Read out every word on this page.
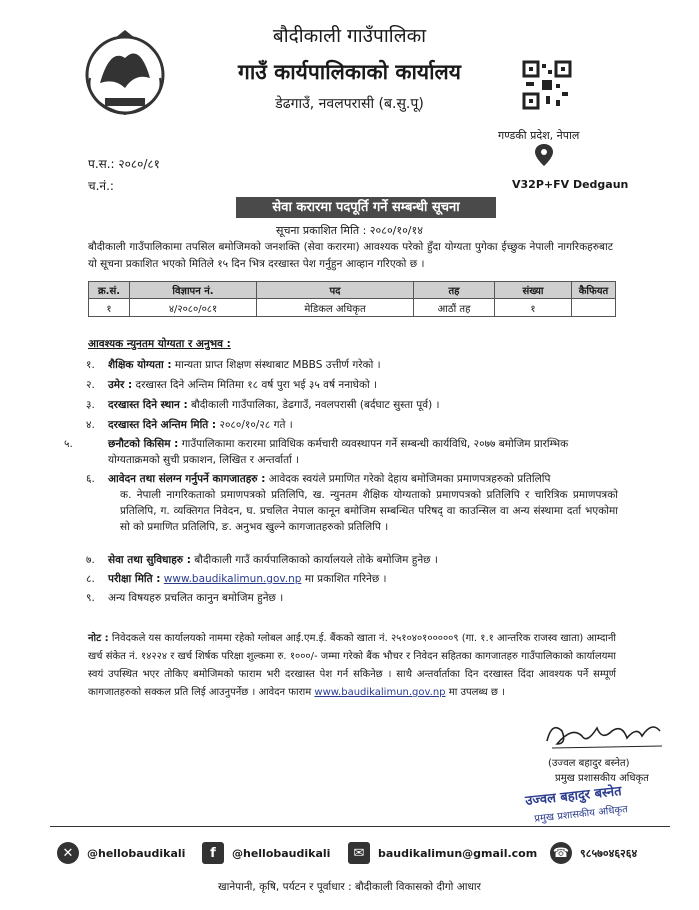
बौदीकाली गाउँपालिका
गाउँ कार्यपालिकाको कार्यालय
डेढगाउँ, नवलपरासी (ब.सु.पू)
गण्डकी प्रदेश, नेपाल
V32P+FV Dedgaun
प.स.: २०८०/८१
च.नं.:
सेवा करारमा पदपूर्ति गर्ने सम्बन्धी सूचना
सूचना प्रकाशित मिति : २०८०/१०/१४
बौदीकाली गाउँपालिकामा तपसिल बमोजिमको जनशक्ति (सेवा करारमा) आवश्यक परेको हुँदा योग्यता पुगेका ईच्छुक नेपाली नागरिकहरुबाट यो सूचना प्रकाशित भएको मितिले १५ दिन भित्र दरखास्त पेश गर्नुहुन आव्हान गरिएको छ ।
क्र.सं.	विज्ञापन नं.	पद	तह	संख्या	कैफियत
१	४/२०८०/०८१	मेडिकल अधिकृत	आठौं तह	१	
आवश्यक न्युनतम योग्यता र अनुभव :
१. शैक्षिक योग्यता : मान्यता प्राप्त शिक्षण संस्थाबाट MBBS उत्तीर्ण गरेको ।
२. उमेर : दरखास्त दिने अन्तिम मितिमा १८ वर्ष पुरा भई ३५ वर्ष ननाघेको ।
३. दरखास्त दिने स्थान : बौदीकाली गाउँपालिका, डेढगाउँ, नवलपरासी (बर्दघाट सुस्ता पूर्व) ।
४. दरखास्त दिने अन्तिम मिति : २०८०/१०/२८ गते ।
५.	छनौटको किसिम : गाउँपालिकामा करारमा प्राविधिक कर्मचारी व्यवस्थापन गर्ने सम्बन्धी कार्यविधि, २०७७ बमोजिम प्रारम्भिक योग्यताक्रमको सुची प्रकाशन, लिखित र अन्तर्वार्ता ।
६. आवेदन तथा संलग्न गर्नुपर्ने कागजातहरु : आवेदक स्वयंले प्रमाणित गरेको देहाय बमोजिमका प्रमाणपत्रहरुको प्रतिलिपि
क. नेपाली नागरिकताको प्रमाणपत्रको प्रतिलिपि, ख. न्युनतम शैक्षिक योग्यताको प्रमाणपत्रको प्रतिलिपि र चारित्रिक प्रमाणपत्रको प्रतिलिपि, ग. व्यक्तिगत निवेदन, घ. प्रचलित नेपाल कानून बमोजिम सम्बन्धित परिषद् वा काउन्सिल वा अन्य संस्थामा दर्ता भएकोमा सो को प्रमाणित प्रतिलिपि, ङ. अनुभव खुल्ने कागजातहरुको प्रतिलिपि ।
७. सेवा तथा सुविधाहरु : बौदीकाली गाउँ कार्यपालिकाको कार्यालयले तोके बमोजिम हुनेछ ।
८. परीक्षा मिति : www.baudikalimun.gov.np मा प्रकाशित गरिनेछ ।
९. अन्य विषयहरु प्रचलित कानुन बमोजिम हुनेछ ।
नोट : निवेदकले यस कार्यालयको नाममा रहेको ग्लोबल आई.एम.ई. बैंकको खाता नं. २५१०४०१०००००९ (गा. १.१ आन्तरिक राजस्व खाता) आम्दानी खर्च संकेत नं. १४२२४ र खर्च शिर्षक परिक्षा शुल्कमा रु. १०००/- जम्मा गरेको बैंक भौचर र निवेदन सहितका कागजातहरु गाउँपालिकाको कार्यालयमा स्वयं उपस्थित भएर तोकिए बमोजिमको फाराम भरी दरखास्त पेश गर्न सकिनेछ । साथै अन्तर्वार्ताका दिन दरखास्त दिंदा आवश्यक पर्ने सम्पूर्ण कागजातहरुको सक्कल प्रति लिई आउनुपर्नेछ । आवेदन फाराम www.baudikalimun.gov.np मा उपलब्ध छ ।
(उज्वल बहादुर बस्नेत)
प्रमुख प्रशासकीय अधिकृत
उज्वल बहादुर बस्नेत
प्रमुख प्रशासकीय अधिकृत
✕	@hellobaudikali	f	@hellobaudikali	✉	baudikalimun@gmail.com ☎ ९८५७०४६२६४
खानेपानी, कृषि, पर्यटन र पूर्वाधार : बौदीकाली विकासको दीगो आधार
